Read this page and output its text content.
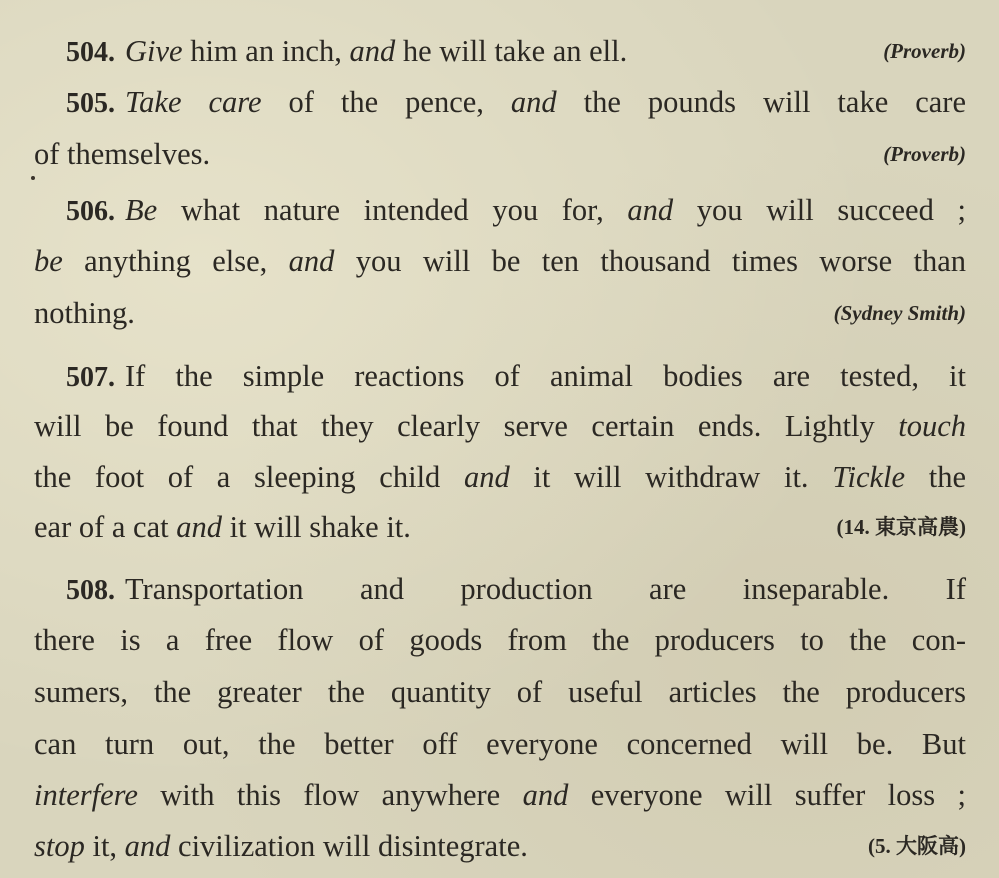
504. Give him an inch, and he will take an ell.	(Proverb)
505. Take care of the pence, and the pounds will take care
of themselves.	(Proverb)
506. Be what nature intended you for, and you will succeed ;
be anything else, and you will be ten thousand times worse than
nothing.	(Sydney Smith)
507. If the simple reactions of animal bodies are tested, it
will be found that they clearly serve certain ends. Lightly touch
the foot of a sleeping child and it will withdraw it. Tickle the
ear of a cat and it will shake it.	(14. 東京高農)
508. Transportation and production are inseparable. If
there is a free flow of goods from the producers to the con-
sumers, the greater the quantity of useful articles the producers
can turn out, the better off everyone concerned will be. But
interfere with this flow anywhere and everyone will suffer loss ;
stop it, and civilization will disintegrate.	(5. 大阪高)
